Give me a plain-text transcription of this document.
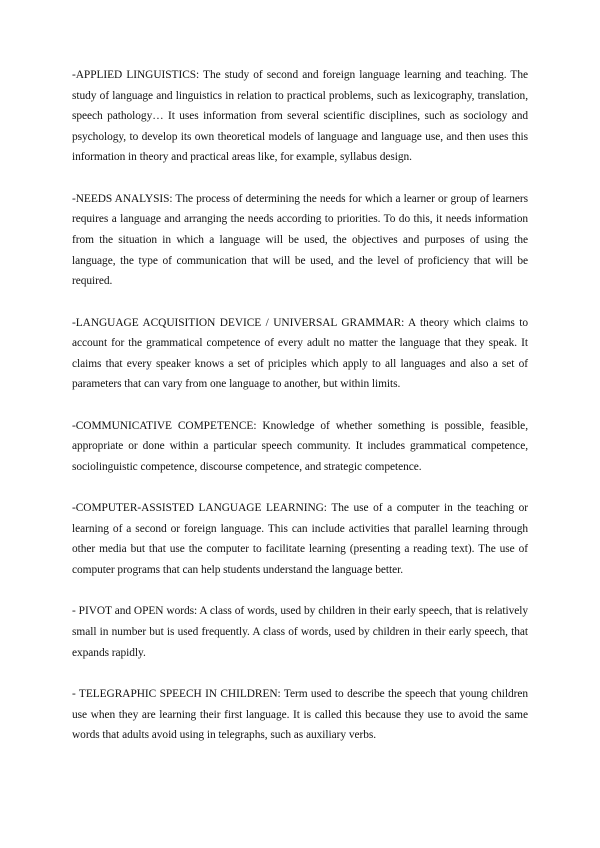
-APPLIED LINGUISTICS: The study of second and foreign language learning and teaching. The study of language and linguistics in relation to practical problems, such as lexicography, translation, speech pathology… It uses information from several scientific disciplines, such as sociology and psychology, to develop its own theoretical models of language and language use, and then uses this information in theory and practical areas like, for example, syllabus design.

-NEEDS ANALYSIS: The process of determining the needs for which a learner or group of learners requires a language and arranging the needs according to priorities. To do this, it needs information from the situation in which a language will be used, the objectives and purposes of using the language, the type of communication that will be used, and the level of proficiency that will be required.

-LANGUAGE ACQUISITION DEVICE / UNIVERSAL GRAMMAR: A theory which claims to account for the grammatical competence of every adult no matter the language that they speak. It claims that every speaker knows a set of priciples which apply to all languages and also a set of parameters that can vary from one language to another, but within limits.

-COMMUNICATIVE COMPETENCE: Knowledge of whether something is possible, feasible, appropriate or done within a particular speech community. It includes grammatical competence, sociolinguistic competence, discourse competence, and strategic competence.

-COMPUTER-ASSISTED LANGUAGE LEARNING: The use of a computer in the teaching or learning of a second or foreign language. This can include activities that parallel learning through other media but that use the computer to facilitate learning (presenting a reading text). The use of computer programs that can help students understand the language better.

- PIVOT and OPEN words: A class of words, used by children in their early speech, that is relatively small in number but is used frequently. A class of words, used by children in their early speech, that expands rapidly.

- TELEGRAPHIC SPEECH IN CHILDREN: Term used to describe the speech that young children use when they are learning their first language. It is called this because they use to avoid the same words that adults avoid using in telegraphs, such as auxiliary verbs.
